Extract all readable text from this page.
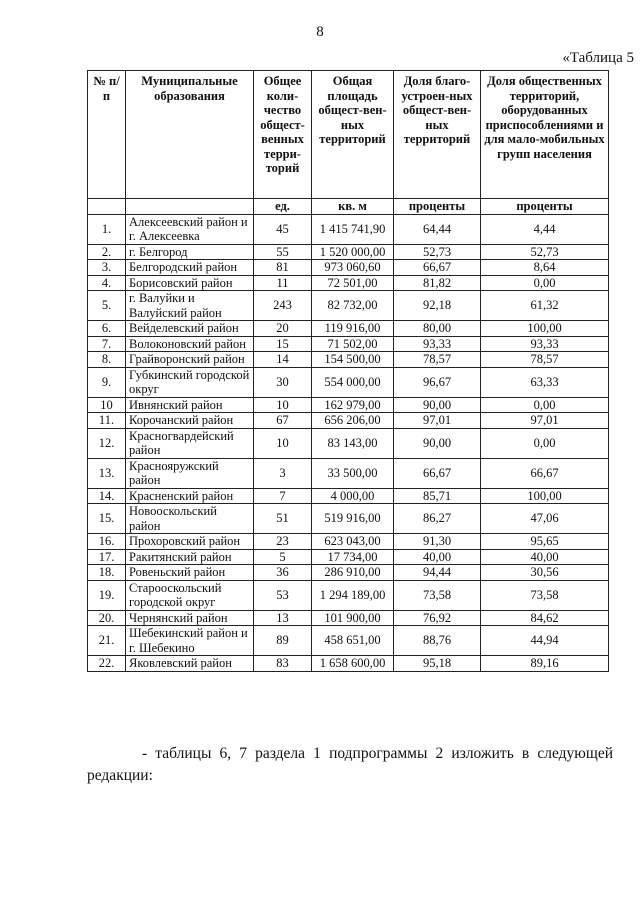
8
«Таблица 5
№ п/п	Муниципальные образования	Общее коли-чество общест-венных терри-торий	Общая площадь общест-вен-ных территорий	Доля благо-устроен-ных общест-вен-ных территорий	Доля общественных территорий, оборудованных приспособлениями и для мало-мобильных групп населения
		ед.	кв. м	проценты	проценты
1.	Алексеевский район и г. Алексеевка	45	1 415 741,90	64,44	4,44
2.	г. Белгород	55	1 520 000,00	52,73	52,73
3.	Белгородский район	81	973 060,60	66,67	8,64
4.	Борисовский район	11	72 501,00	81,82	0,00
5.	г. Валуйки и Валуйский район	243	82 732,00	92,18	61,32
6.	Вейделевский район	20	119 916,00	80,00	100,00
7.	Волоконовский район	15	71 502,00	93,33	93,33
8.	Грайворонский район	14	154 500,00	78,57	78,57
9.	Губкинский городской округ	30	554 000,00	96,67	63,33
10	Ивнянский район	10	162 979,00	90,00	0,00
11.	Корочанский район	67	656 206,00	97,01	97,01
12.	Красногвардейский район	10	83 143,00	90,00	0,00
13.	Краснояружский район	3	33 500,00	66,67	66,67
14.	Красненский район	7	4 000,00	85,71	100,00
15.	Новооскольский район	51	519 916,00	86,27	47,06
16.	Прохоровский район	23	623 043,00	91,30	95,65
17.	Ракитянский район	5	17 734,00	40,00	40,00
18.	Ровеньский район	36	286 910,00	94,44	30,56
19.	Старооскольский городской округ	53	1 294 189,00	73,58	73,58
20.	Чернянский район	13	101 900,00	76,92	84,62
21.	Шебекинский район и г. Шебекино	89	458 651,00	88,76	44,94
22.	Яковлевский район	83	1 658 600,00	95,18	89,16
- таблицы 6, 7 раздела 1 подпрограммы 2 изложить в следующей редакции:
